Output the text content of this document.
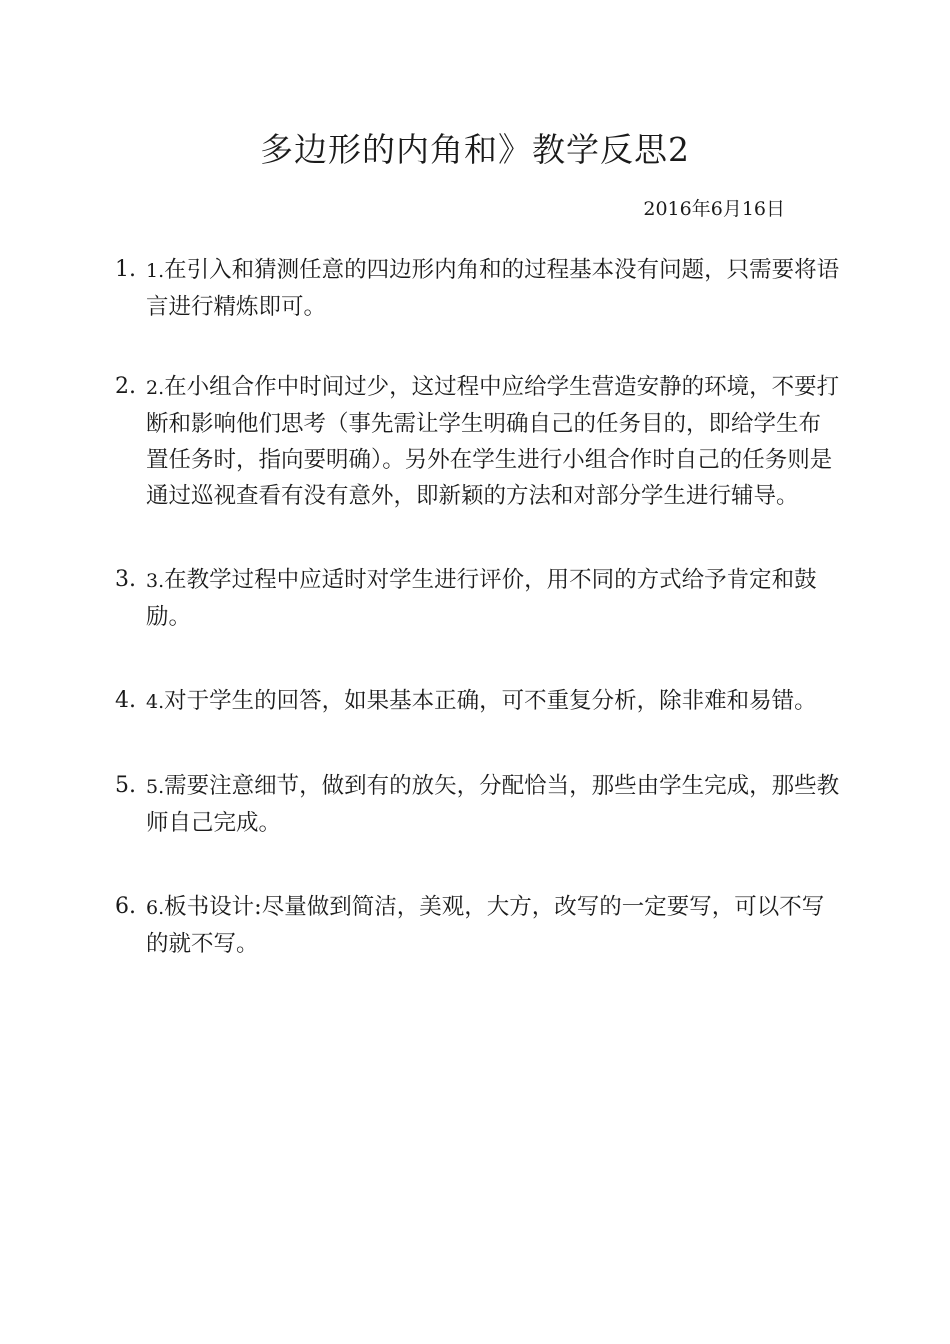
多边形的内角和》教学反思2
2016年6月16日
1. 1.在引入和猜测任意的四边形内角和的过程基本没有问题，只需要将语言进行精炼即可。
2. 2.在小组合作中时间过少，这过程中应给学生营造安静的环境，不要打断和影响他们思考（事先需让学生明确自己的任务目的，即给学生布置任务时，指向要明确）。另外在学生进行小组合作时自己的任务则是通过巡视查看有没有意外，即新颖的方法和对部分学生进行辅导。
3. 3.在教学过程中应适时对学生进行评价，用不同的方式给予肯定和鼓励。
4. 4.对于学生的回答，如果基本正确，可不重复分析，除非难和易错。
5. 5.需要注意细节，做到有的放矢，分配恰当，那些由学生完成，那些教师自己完成。
6. 6.板书设计:尽量做到简洁，美观，大方，改写的一定要写，可以不写的就不写。
